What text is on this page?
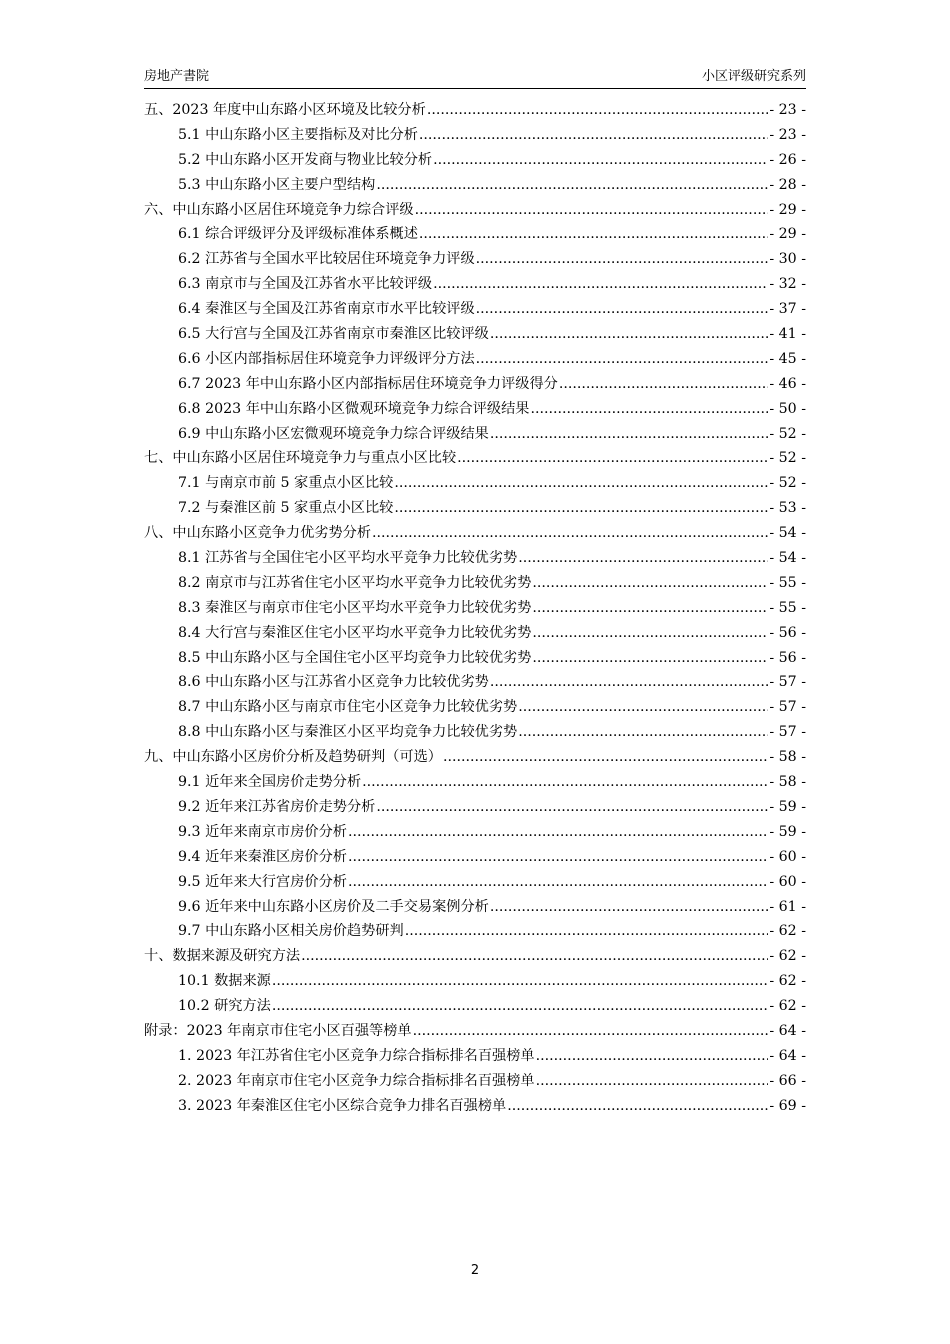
房地产書院	小区评级研究系列
五、2023 年度中山东路小区环境及比较分析 .....	- 23 -
5.1 中山东路小区主要指标及对比分析 .....	- 23 -
5.2 中山东路小区开发商与物业比较分析 .....	- 26 -
5.3 中山东路小区主要户型结构 .....	- 28 -
六、中山东路小区居住环境竞争力综合评级 .....	- 29 -
6.1 综合评级评分及评级标准体系概述 .....	- 29 -
6.2 江苏省与全国水平比较居住环境竞争力评级 .....	- 30 -
6.3 南京市与全国及江苏省水平比较评级 .....	- 32 -
6.4 秦淮区与全国及江苏省南京市水平比较评级 .....	- 37 -
6.5 大行宫与全国及江苏省南京市秦淮区比较评级 .....	- 41 -
6.6 小区内部指标居住环境竞争力评级评分方法 .....	- 45 -
6.7 2023 年中山东路小区内部指标居住环境竞争力评级得分 .....	- 46 -
6.8 2023 年中山东路小区微观环境竞争力综合评级结果 .....	- 50 -
6.9 中山东路小区宏微观环境竞争力综合评级结果 .....	- 52 -
七、中山东路小区居住环境竞争力与重点小区比较 .....	- 52 -
7.1 与南京市前 5 家重点小区比较 .....	- 52 -
7.2 与秦淮区前 5 家重点小区比较 .....	- 53 -
八、中山东路小区竞争力优劣势分析 .....	- 54 -
8.1 江苏省与全国住宅小区平均水平竞争力比较优劣势 .....	- 54 -
8.2 南京市与江苏省住宅小区平均水平竞争力比较优劣势 .....	- 55 -
8.3 秦淮区与南京市住宅小区平均水平竞争力比较优劣势 .....	- 55 -
8.4 大行宫与秦淮区住宅小区平均水平竞争力比较优劣势 .....	- 56 -
8.5 中山东路小区与全国住宅小区平均竞争力比较优劣势 .....	- 56 -
8.6 中山东路小区与江苏省小区竞争力比较优劣势 .....	- 57 -
8.7 中山东路小区与南京市住宅小区竞争力比较优劣势 .....	- 57 -
8.8 中山东路小区与秦淮区小区平均竞争力比较优劣势 .....	- 57 -
九、中山东路小区房价分析及趋势研判（可选） .....	- 58 -
9.1 近年来全国房价走势分析 .....	- 58 -
9.2 近年来江苏省房价走势分析 .....	- 59 -
9.3 近年来南京市房价分析 .....	- 59 -
9.4 近年来秦淮区房价分析 .....	- 60 -
9.5 近年来大行宫房价分析 .....	- 60 -
9.6 近年来中山东路小区房价及二手交易案例分析 .....	- 61 -
9.7 中山东路小区相关房价趋势研判 .....	- 62 -
十、数据来源及研究方法 .....	- 62 -
10.1 数据来源 .....	- 62 -
10.2 研究方法 .....	- 62 -
附录：2023 年南京市住宅小区百强等榜单 .....	- 64 -
1. 2023 年江苏省住宅小区竞争力综合指标排名百强榜单 .....	- 64 -
2. 2023 年南京市住宅小区竞争力综合指标排名百强榜单 .....	- 66 -
3. 2023 年秦淮区住宅小区综合竞争力排名百强榜单 .....	- 69 -
2
